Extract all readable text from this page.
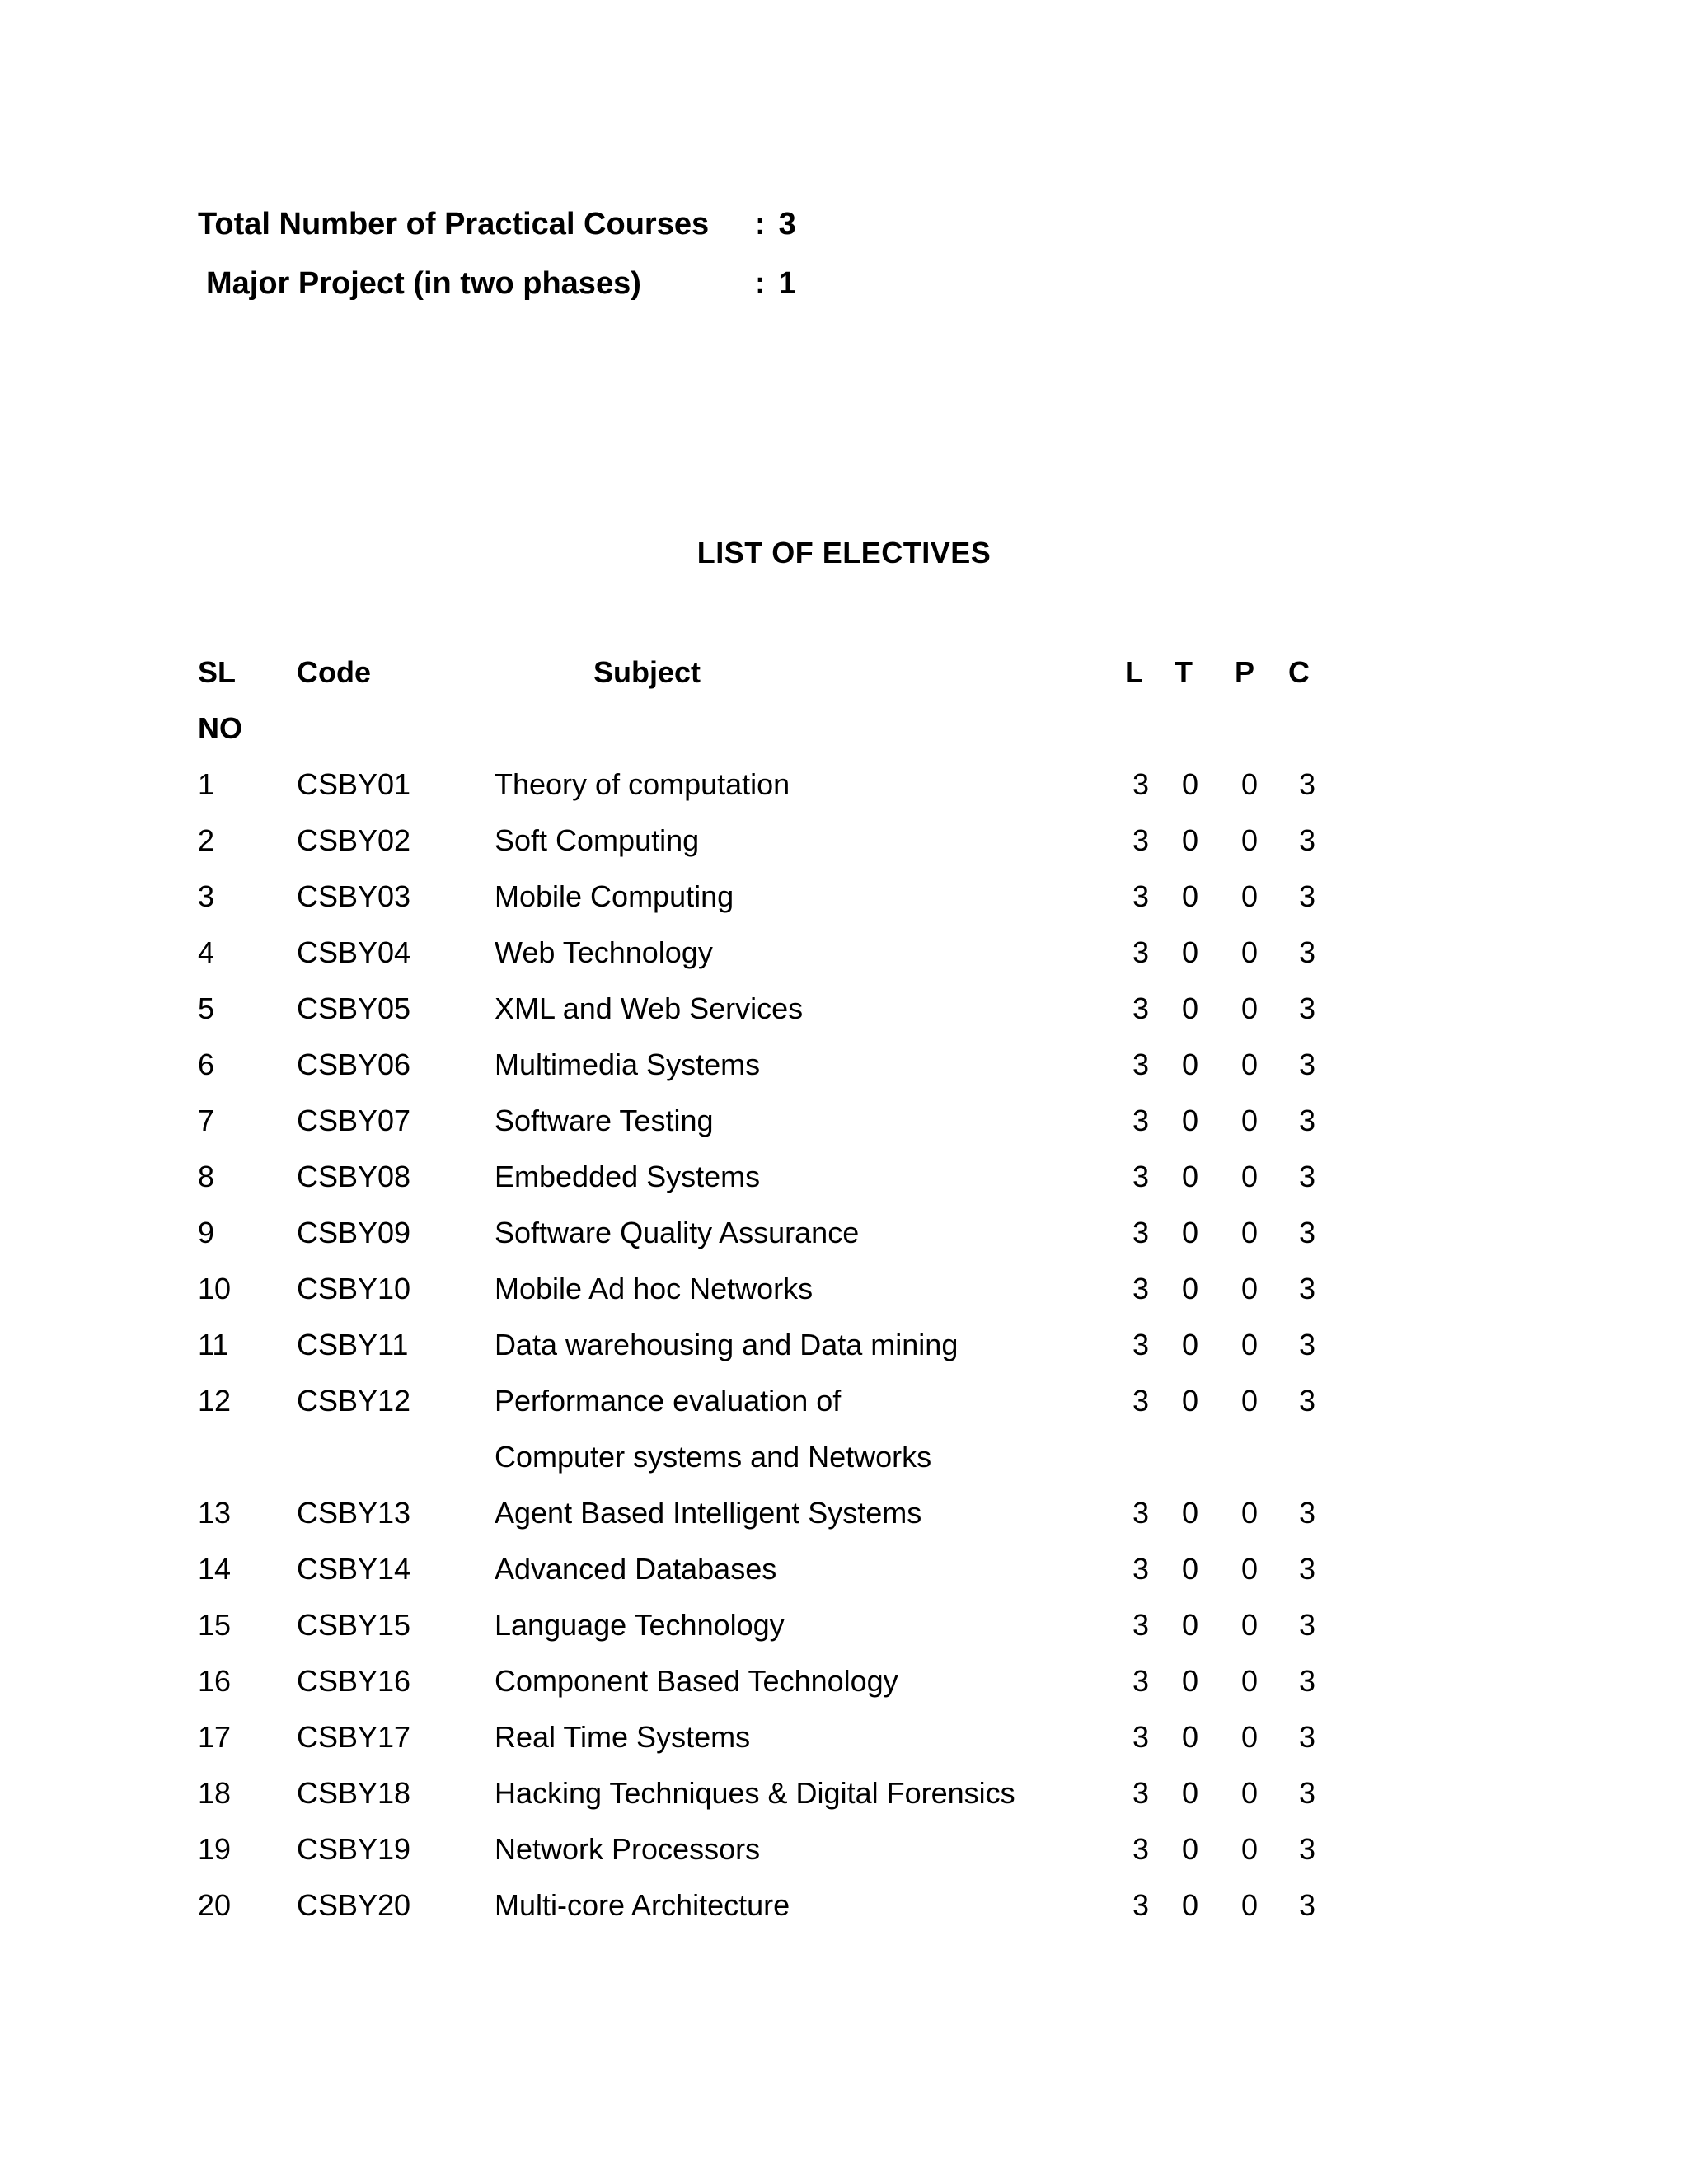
Total Number of Practical Courses	: 3
Major Project (in two phases)	: 1
LIST OF ELECTIVES
SL Code	Subject	L T P C
NO
1	CSBY01	Theory of computation	3 0 0 3
2	CSBY02	Soft Computing	3 0 0 3
3	CSBY03	Mobile Computing	3 0 0 3
4	CSBY04	Web Technology	3 0 0 3
5	CSBY05	XML and Web Services	3 0 0 3
6	CSBY06	Multimedia Systems	3 0 0 3
7	CSBY07	Software Testing	3 0 0 3
8	CSBY08	Embedded Systems	3 0 0 3
9	CSBY09	Software Quality Assurance	3 0 0 3
10 CSBY10	Mobile Ad hoc Networks	3 0 0 3
11 CSBY11	Data warehousing and Data mining	3 0 0 3
12 CSBY12	Performance evaluation of	3 0 0 3
Computer systems and Networks
13 CSBY13	Agent Based Intelligent Systems	3 0 0 3
14 CSBY14	Advanced Databases	3 0 0 3
15 CSBY15	Language Technology	3 0 0 3
16 CSBY16	Component Based Technology	3 0 0 3
17 CSBY17	Real Time Systems	3 0 0 3
18 CSBY18	Hacking Techniques & Digital Forensics	3 0 0 3
19 CSBY19	Network Processors	3 0 0 3
20 CSBY20	Multi-core Architecture	3 0 0 3
